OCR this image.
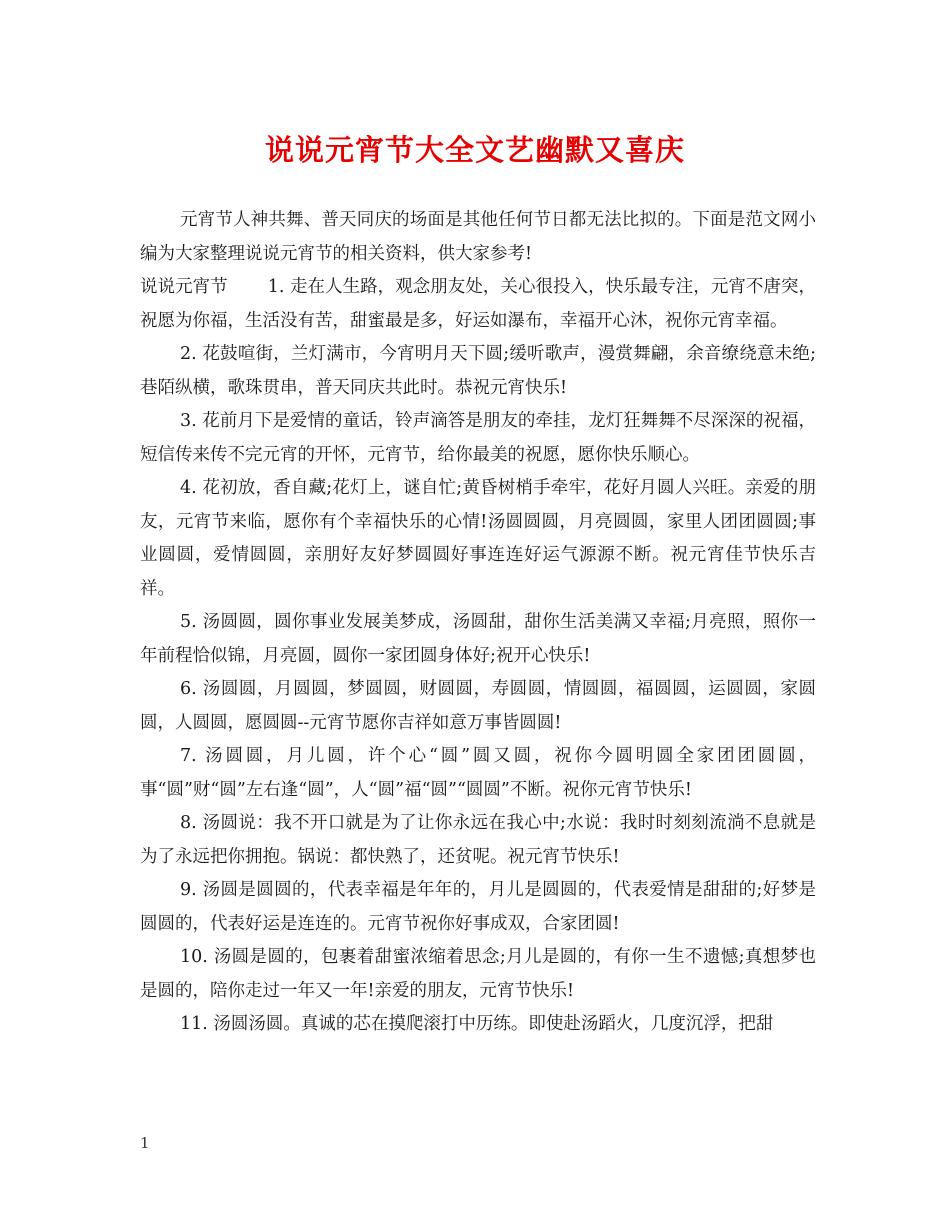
说说元宵节大全文艺幽默又喜庆

元宵节人神共舞、普天同庆的场面是其他任何节日都无法比拟的。下面是范文网小编为大家整理说说元宵节的相关资料，供大家参考!

说说元宵节 1. 走在人生路，观念朋友处，关心很投入，快乐最专注，元宵不唐突，祝愿为你福，生活没有苦，甜蜜最是多，好运如瀑布，幸福开心沐，祝你元宵幸福。

2. 花鼓喧街，兰灯满市，今宵明月天下圆;缓听歌声，漫赏舞翩，余音缭绕意未绝;巷陌纵横，歌珠贯串，普天同庆共此时。恭祝元宵快乐!

3. 花前月下是爱情的童话，铃声滴答是朋友的牵挂，龙灯狂舞舞不尽深深的祝福，短信传来传不完元宵的开怀，元宵节，给你最美的祝愿，愿你快乐顺心。

4. 花初放，香自藏;花灯上，谜自忙;黄昏树梢手牵牢，花好月圆人兴旺。亲爱的朋友，元宵节来临，愿你有个幸福快乐的心情!汤圆圆圆，月亮圆圆，家里人团团圆圆;事业圆圆，爱情圆圆，亲朋好友好梦圆圆好事连连好运气源源不断。祝元宵佳节快乐吉祥。

5. 汤圆圆，圆你事业发展美梦成，汤圆甜，甜你生活美满又幸福;月亮照，照你一年前程恰似锦，月亮圆，圆你一家团圆身体好;祝开心快乐!

6. 汤圆圆，月圆圆，梦圆圆，财圆圆，寿圆圆，情圆圆，福圆圆，运圆圆，家圆圆，人圆圆，愿圆圆--元宵节愿你吉祥如意万事皆圆圆!

7. 汤圆圆，月儿圆，许个心“圆”圆又圆，祝你今圆明圆全家团团圆圆，事“圆”财“圆”左右逢“圆”，人“圆”福“圆”“圆圆”不断。祝你元宵节快乐!

8. 汤圆说：我不开口就是为了让你永远在我心中;水说：我时时刻刻流淌不息就是为了永远把你拥抱。锅说：都快熟了，还贫呢。祝元宵节快乐!

9. 汤圆是圆圆的，代表幸福是年年的，月儿是圆圆的，代表爱情是甜甜的;好梦是圆圆的，代表好运是连连的。元宵节祝你好事成双，合家团圆!

10. 汤圆是圆的，包裹着甜蜜浓缩着思念;月儿是圆的，有你一生不遗憾;真想梦也是圆的，陪你走过一年又一年!亲爱的朋友，元宵节快乐!

11. 汤圆汤圆。真诚的芯在摸爬滚打中历练。即使赴汤蹈火，几度沉浮，把甜

1
